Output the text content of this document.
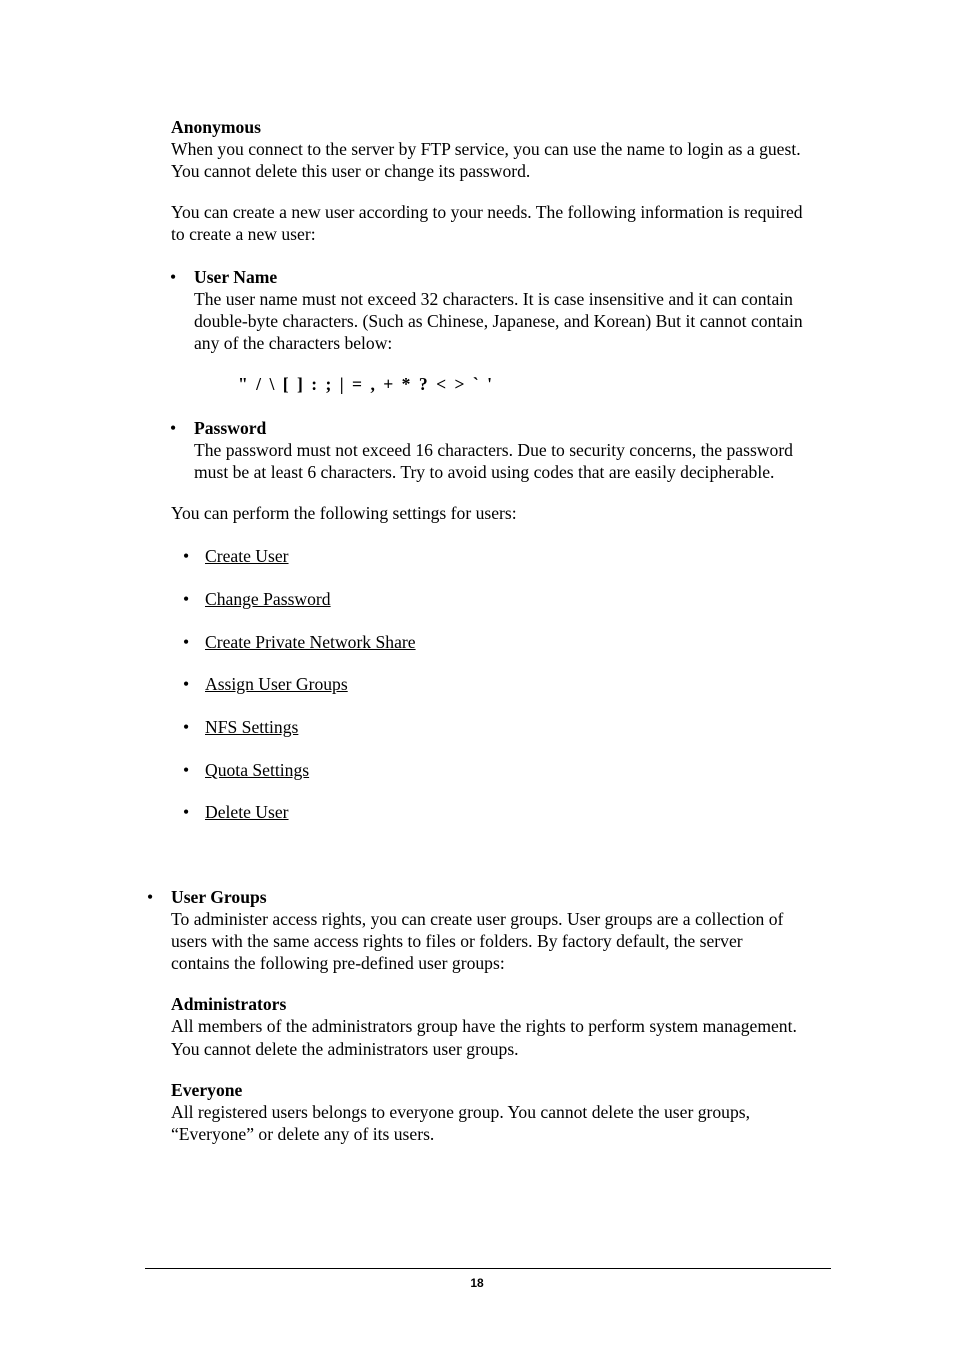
Anonymous
When you connect to the server by FTP service, you can use the name to login as a guest.
You cannot delete this user or change its password.
You can create a new user according to your needs. The following information is required
to create a new user:
• User Name
The user name must not exceed 32 characters. It is case insensitive and it can contain
double-byte characters. (Such as Chinese, Japanese, and Korean) But it cannot contain
any of the characters below:
" / \ [ ] : ; | = , + * ? < > ` '
• Password
The password must not exceed 16 characters. Due to security concerns, the password
must be at least 6 characters. Try to avoid using codes that are easily decipherable.
You can perform the following settings for users:
• Create User
• Change Password
• Create Private Network Share
• Assign User Groups
• NFS Settings
• Quota Settings
• Delete User
• User Groups
To administer access rights, you can create user groups. User groups are a collection of
users with the same access rights to files or folders. By factory default, the server
contains the following pre-defined user groups:
Administrators
All members of the administrators group have the rights to perform system management.
You cannot delete the administrators user groups.
Everyone
All registered users belongs to everyone group. You cannot delete the user groups,
“Everyone” or delete any of its users.
18
